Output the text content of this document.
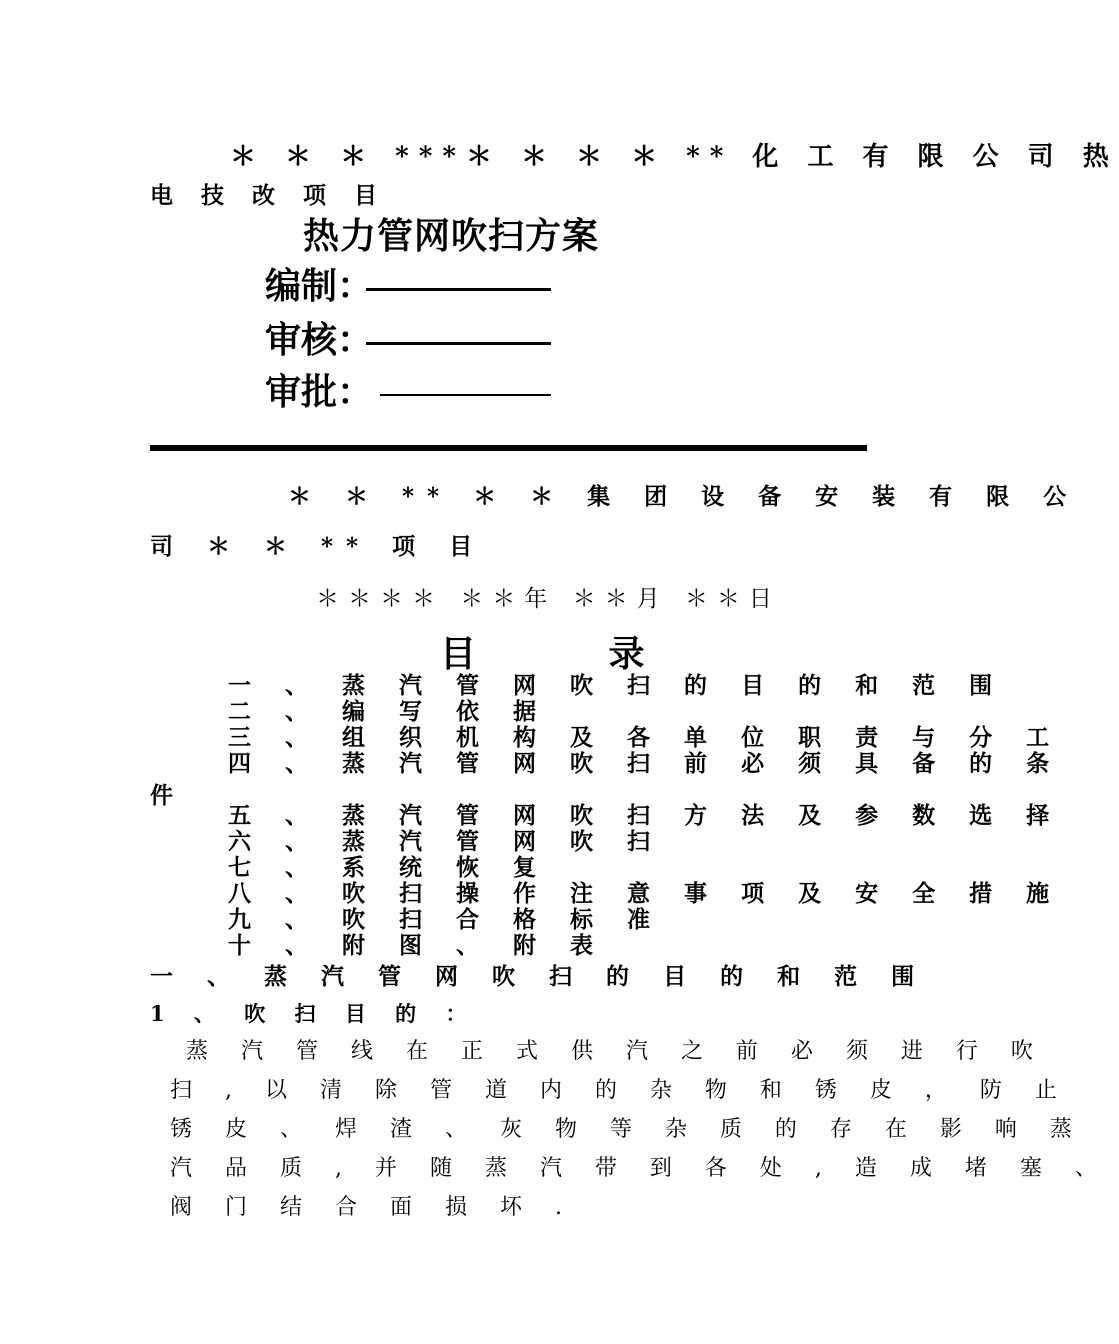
＊ ＊ ＊ ***＊ ＊ ＊ ＊ ** 化 工 有 限 公 司 热
电 技 改 项 目
热力管网吹扫方案
编制：
审核：
审批：
＊ ＊ ** ＊ ＊ 集 团 设 备 安 装 有 限 公
司 ＊ ＊ ** 项 目
＊＊＊＊ ＊＊年 ＊＊月 ＊＊日
目 录
一 、 蒸 汽 管 网 吹 扫 的 目 的 和 范 围
二 、 编 写 依 据
三 、 组 织 机 构 及 各 单 位 职 责 与 分 工
四 、 蒸 汽 管 网 吹 扫 前 必 须 具 备 的 条
件
五 、 蒸 汽 管 网 吹 扫 方 法 及 参 数 选 择
六 、 蒸 汽 管 网 吹 扫
七 、 系 统 恢 复
八 、 吹 扫 操 作 注 意 事 项 及 安 全 措 施
九 、 吹 扫 合 格 标 准
十 、 附 图 、 附 表
一 、 蒸 汽 管 网 吹 扫 的 目 的 和 范 围
1 、 吹 扫 目 的 ：
蒸 汽 管 线 在 正 式 供 汽 之 前 必 须 进 行 吹
扫 , 以 清 除 管 道 内 的 杂 物 和 锈 皮 ， 防 止
锈 皮 、 焊 渣 、 灰 物 等 杂 质 的 存 在 影 响 蒸
汽 品 质 , 并 随 蒸 汽 带 到 各 处 , 造 成 堵 塞 、
阀 门 结 合 面 损 坏 .
